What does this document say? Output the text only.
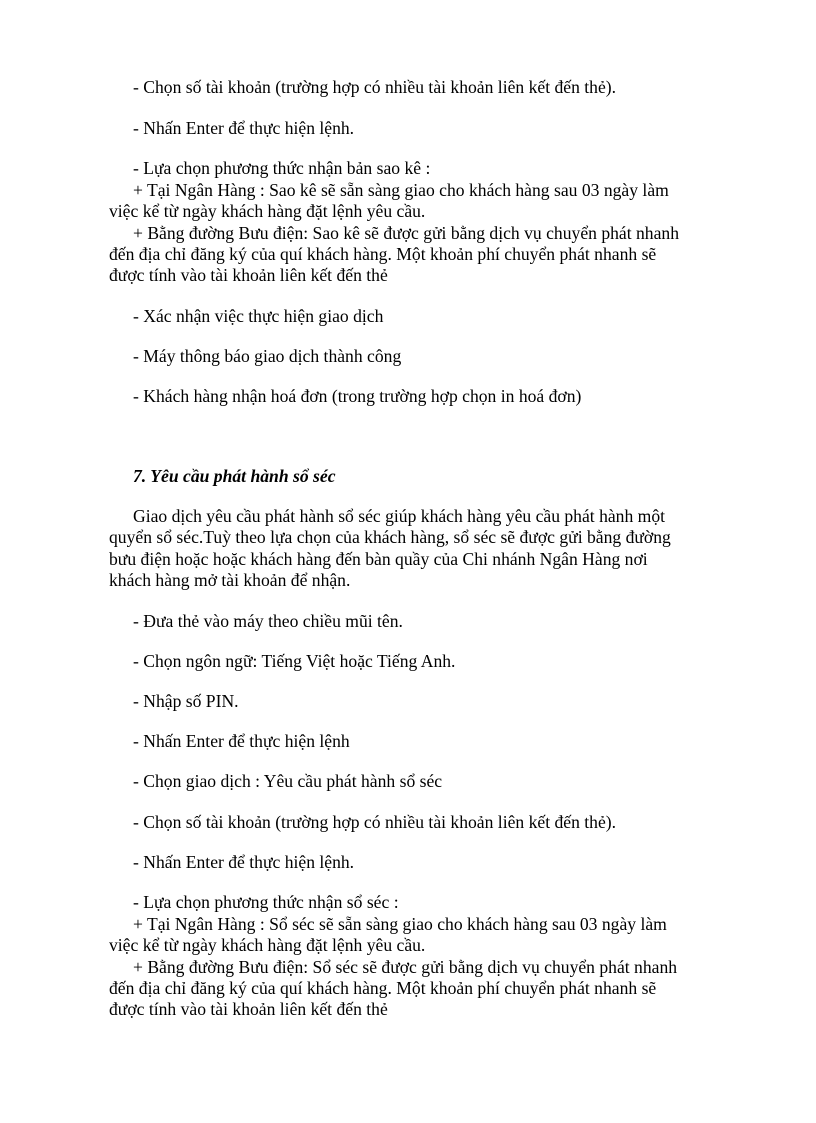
- Chọn số tài khoản (trường hợp có nhiều tài khoản liên kết đến thẻ).
- Nhấn Enter để thực hiện lệnh.
- Lựa chọn phương thức nhận bản sao kê :
+ Tại Ngân Hàng : Sao kê sẽ sẵn sàng giao cho khách hàng sau 03 ngày làm
việc kể từ ngày khách hàng đặt lệnh yêu cầu.
+ Bằng đường Bưu điện: Sao kê sẽ được gửi bằng dịch vụ chuyển phát nhanh
đến địa chỉ đăng ký của quí khách hàng. Một khoản phí chuyển phát nhanh sẽ
được tính vào tài khoản liên kết đến thẻ
- Xác nhận việc thực hiện giao dịch
- Máy thông báo giao dịch thành công
- Khách hàng nhận hoá đơn (trong trường hợp chọn in hoá đơn)
7. Yêu cầu phát hành sổ séc
Giao dịch yêu cầu phát hành sổ séc giúp khách hàng yêu cầu phát hành một
quyển sổ séc.Tuỳ theo lựa chọn của khách hàng, sổ séc sẽ được gửi bằng đường
bưu điện hoặc hoặc khách hàng đến bàn quầy của Chi nhánh Ngân Hàng nơi
khách hàng mở tài khoản để nhận.
- Đưa thẻ vào máy theo chiều mũi tên.
- Chọn ngôn ngữ: Tiếng Việt hoặc Tiếng Anh.
- Nhập số PIN.
- Nhấn Enter để thực hiện lệnh
- Chọn giao dịch : Yêu cầu phát hành sổ séc
- Chọn số tài khoản (trường hợp có nhiều tài khoản liên kết đến thẻ).
- Nhấn Enter để thực hiện lệnh.
- Lựa chọn phương thức nhận sổ séc :
+ Tại Ngân Hàng : Sổ séc sẽ sẵn sàng giao cho khách hàng sau 03 ngày làm
việc kể từ ngày khách hàng đặt lệnh yêu cầu.
+ Bằng đường Bưu điện: Sổ séc sẽ được gửi bằng dịch vụ chuyển phát nhanh
đến địa chỉ đăng ký của quí khách hàng. Một khoản phí chuyển phát nhanh sẽ
được tính vào tài khoản liên kết đến thẻ
